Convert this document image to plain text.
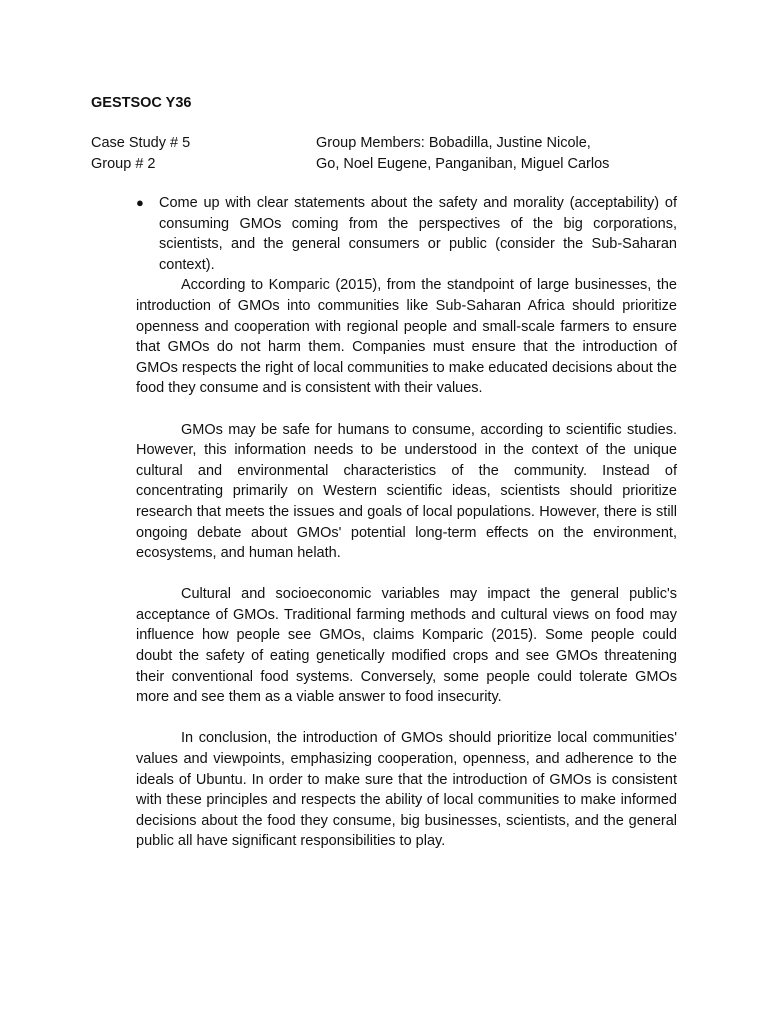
GESTSOC Y36
Case Study # 5	Group Members: Bobadilla, Justine Nicole,
Group # 2	Go, Noel Eugene, Panganiban, Miguel Carlos
●	Come up with clear statements about the safety and morality (acceptability) of consuming GMOs coming from the perspectives of the big corporations, scientists, and the general consumers or public (consider the Sub-Saharan context).

According to Komparic (2015), from the standpoint of large businesses, the introduction of GMOs into communities like Sub-Saharan Africa should prioritize openness and cooperation with regional people and small-scale farmers to ensure that GMOs do not harm them. Companies must ensure that the introduction of GMOs respects the right of local communities to make educated decisions about the food they consume and is consistent with their values.

GMOs may be safe for humans to consume, according to scientific studies. However, this information needs to be understood in the context of the unique cultural and environmental characteristics of the community. Instead of concentrating primarily on Western scientific ideas, scientists should prioritize research that meets the issues and goals of local populations. However, there is still ongoing debate about GMOs' potential long-term effects on the environment, ecosystems, and human helath.

Cultural and socioeconomic variables may impact the general public's acceptance of GMOs. Traditional farming methods and cultural views on food may influence how people see GMOs, claims Komparic (2015). Some people could doubt the safety of eating genetically modified crops and see GMOs threatening their conventional food systems. Conversely, some people could tolerate GMOs more and see them as a viable answer to food insecurity.

In conclusion, the introduction of GMOs should prioritize local communities' values and viewpoints, emphasizing cooperation, openness, and adherence to the ideals of Ubuntu. In order to make sure that the introduction of GMOs is consistent with these principles and respects the ability of local communities to make informed decisions about the food they consume, big businesses, scientists, and the general public all have significant responsibilities to play.
